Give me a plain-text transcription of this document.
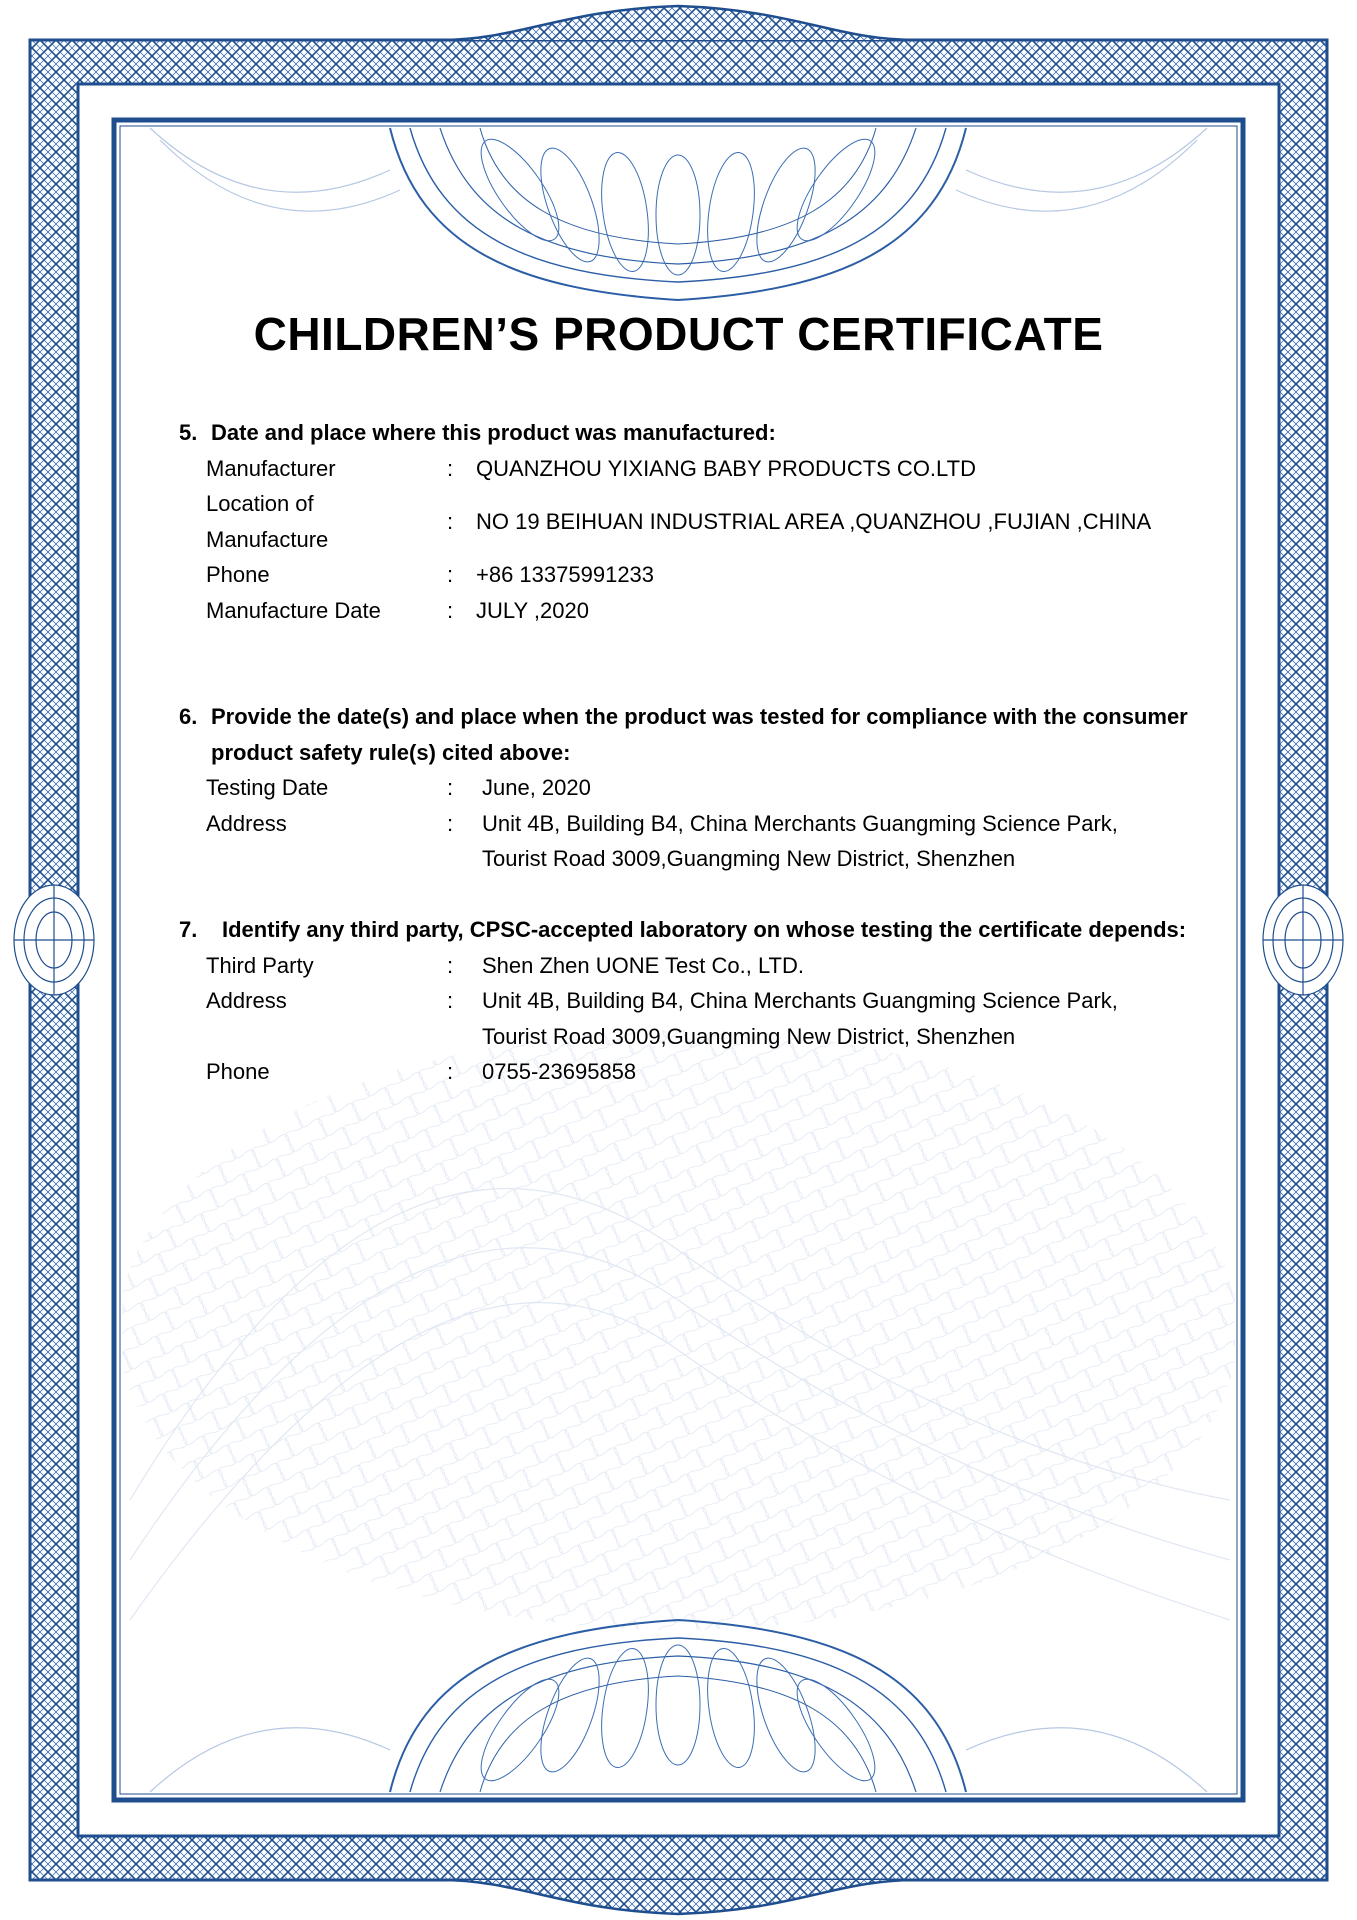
CHILDREN’S PRODUCT CERTIFICATE
5. Date and place where this product was manufactured:
Manufacturer	: QUANZHOU YIXIANG BABY PRODUCTS CO.LTD
Location of
Manufacture
: NO 19 BEIHUAN INDUSTRIAL AREA ,QUANZHOU ,FUJIAN ,CHINA
Phone	: +86 13375991233
Manufacture Date	: JULY ,2020
6. Provide the date(s) and place when the product was tested for compliance with the consumer
product safety rule(s) cited above:
Testing Date	: June, 2020
Address	: Unit 4B, Building B4, China Merchants Guangming Science Park,
Tourist Road 3009,Guangming New District, Shenzhen
7. Identify any third party, CPSC-accepted laboratory on whose testing the certificate depends:
Third Party	: Shen Zhen UONE Test Co., LTD.
Address	: Unit 4B, Building B4, China Merchants Guangming Science Park,
Tourist Road 3009,Guangming New District, Shenzhen
Phone	: 0755-23695858
